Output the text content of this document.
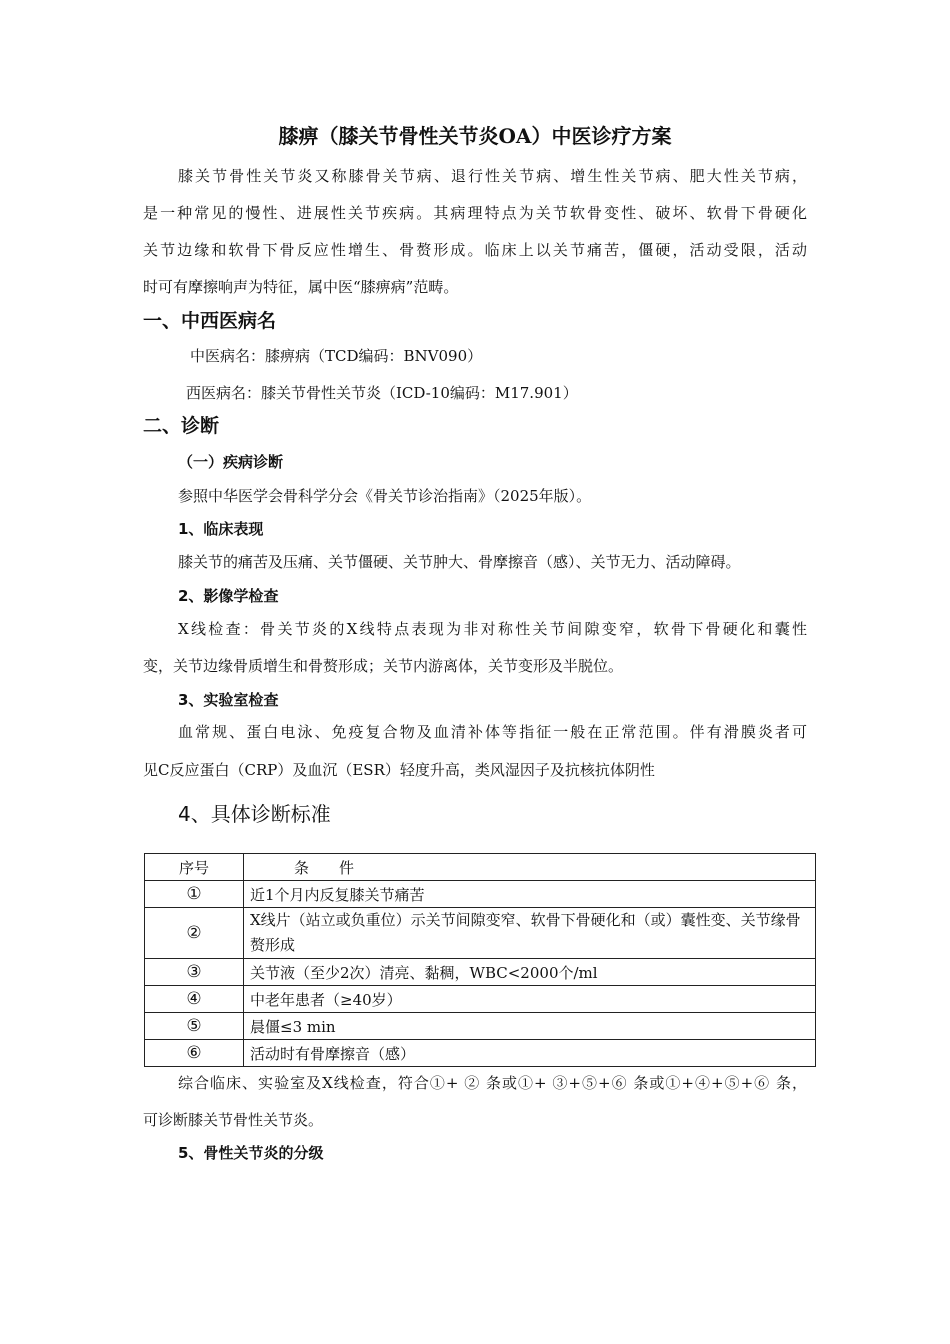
膝痹（膝关节骨性关节炎OA）中医诊疗方案
膝关节骨性关节炎又称膝骨关节病、退行性关节病、增生性关节病、肥大性关节病，
是一种常见的慢性、进展性关节疾病。其病理特点为关节软骨变性、破坏、软骨下骨硬化
关节边缘和软骨下骨反应性增生、骨赘形成。临床上以关节痛苦，僵硬，活动受限，活动
时可有摩擦响声为特征，属中医“膝痹病”范畴。
一、中西医病名
中医病名：膝痹病（TCD编码：BNV090）
西医病名：膝关节骨性关节炎（ICD-10编码：M17.901）
二、诊断
（一）疾病诊断
参照中华医学会骨科学分会《骨关节诊治指南》（2025年版）。
1、临床表现
膝关节的痛苦及压痛、关节僵硬、关节肿大、骨摩擦音（感）、关节无力、活动障碍。
2、影像学检查
X线检查：骨关节炎的X线特点表现为非对称性关节间隙变窄，软骨下骨硬化和囊性
变，关节边缘骨质增生和骨赘形成；关节内游离体，关节变形及半脱位。
3、实验室检查
血常规、蛋白电泳、免疫复合物及血清补体等指征一般在正常范围。伴有滑膜炎者可
见C反应蛋白（CRP）及血沉（ESR）轻度升高，类风湿因子及抗核抗体阴性
4、具体诊断标准
序号	条　件
①	近1个月内反复膝关节痛苦
②	X线片（站立或负重位）示关节间隙变窄、软骨下骨硬化和（或）囊性变、关节缘骨赘形成
③	关节液（至少2次）清亮、黏稠，WBC<2000个/ml
④	中老年患者（≥40岁）
⑤	晨僵≤3 min
⑥	活动时有骨摩擦音（感）
综合临床、实验室及X线检查，符合①+ ② 条或①+ ③+⑤+⑥ 条或①+④+⑤+⑥ 条，
可诊断膝关节骨性关节炎。
5、骨性关节炎的分级
